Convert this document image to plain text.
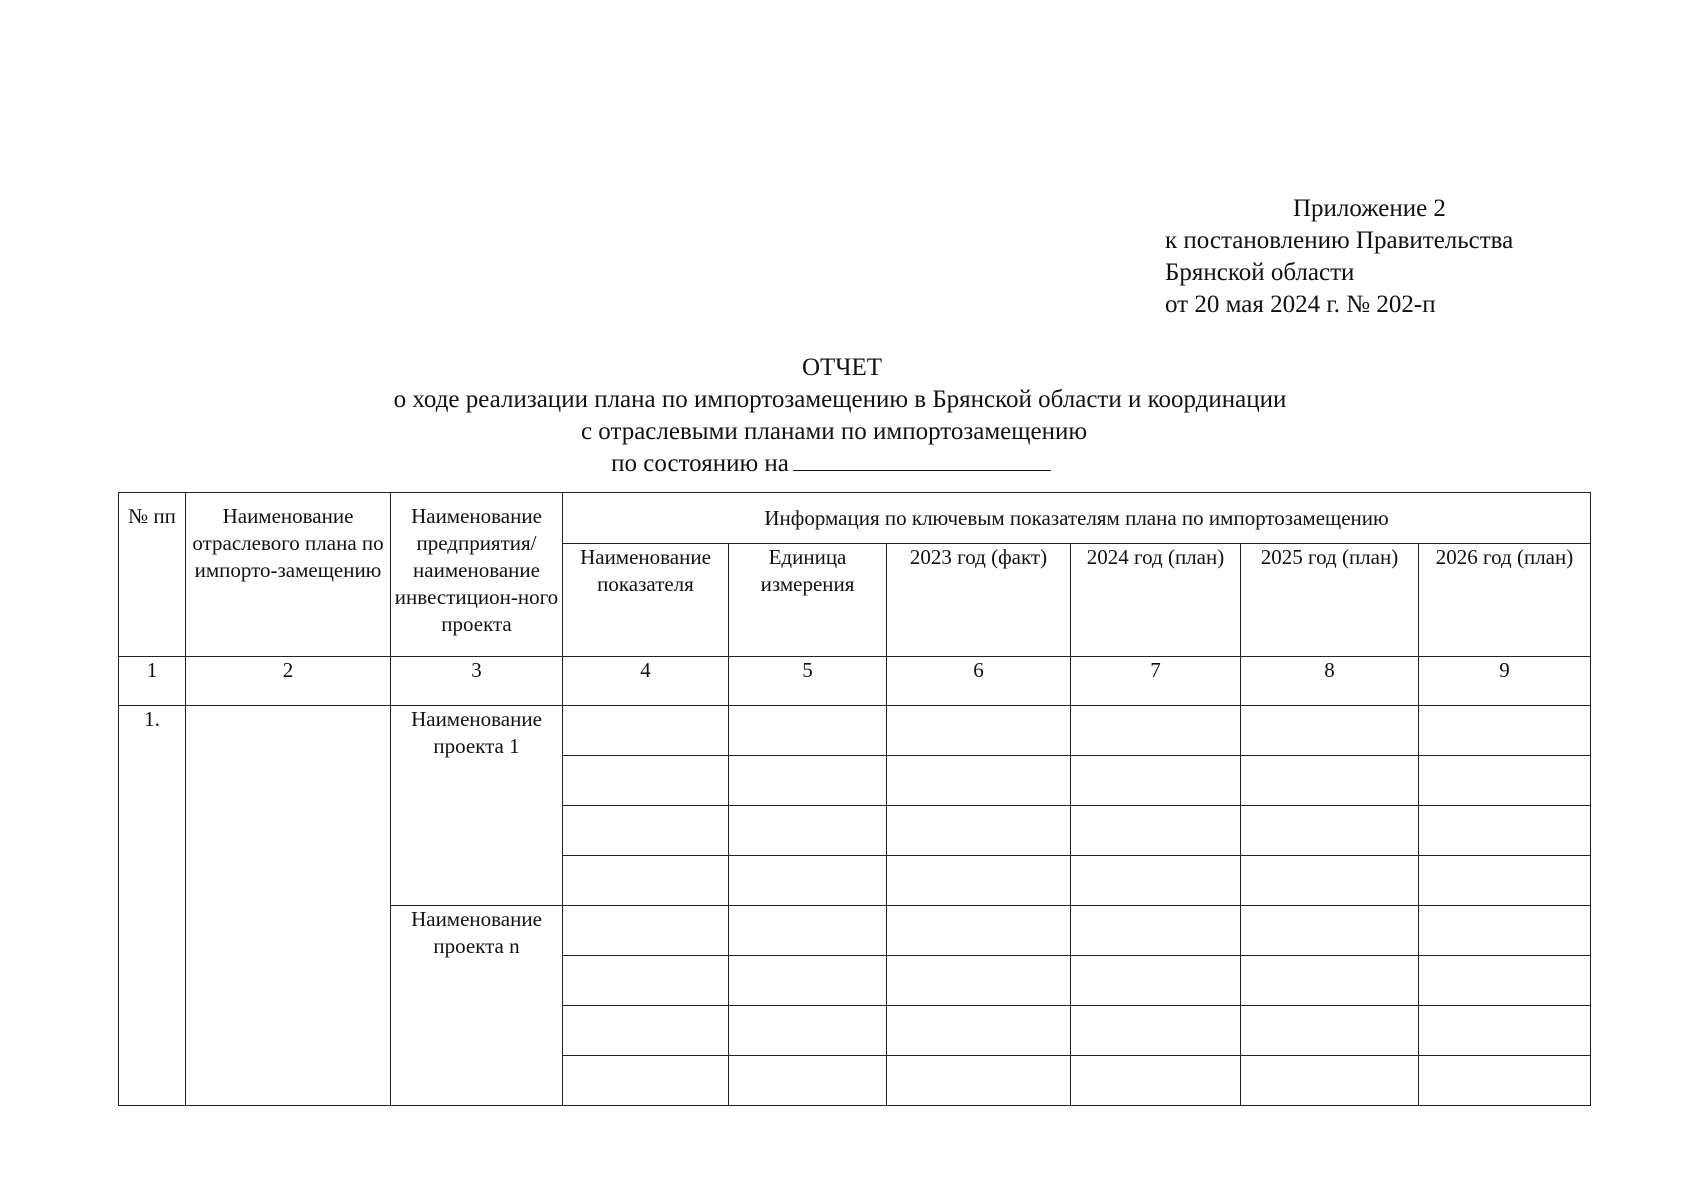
Приложение 2
к постановлению Правительства
Брянской области
от 20 мая 2024 г. № 202-п
ОТЧЕТ
о ходе реализации плана по импортозамещению в Брянской области и координации
с отраслевыми планами по импортозамещению
по состоянию на
№ пп	Наименование отраслевого плана по импорто-замещению	Наименование предприятия/ наименование инвестицион-ного проекта	Информация по ключевым показателям плана по импортозамещению					
			Наименование показателя	Единица измерения	2023 год (факт)	2024 год (план)	2025 год (план)	2026 год (план)
1	2	3	4	5	6	7	8	9
1.		Наименование проекта 1						

		Наименование проекта n						
